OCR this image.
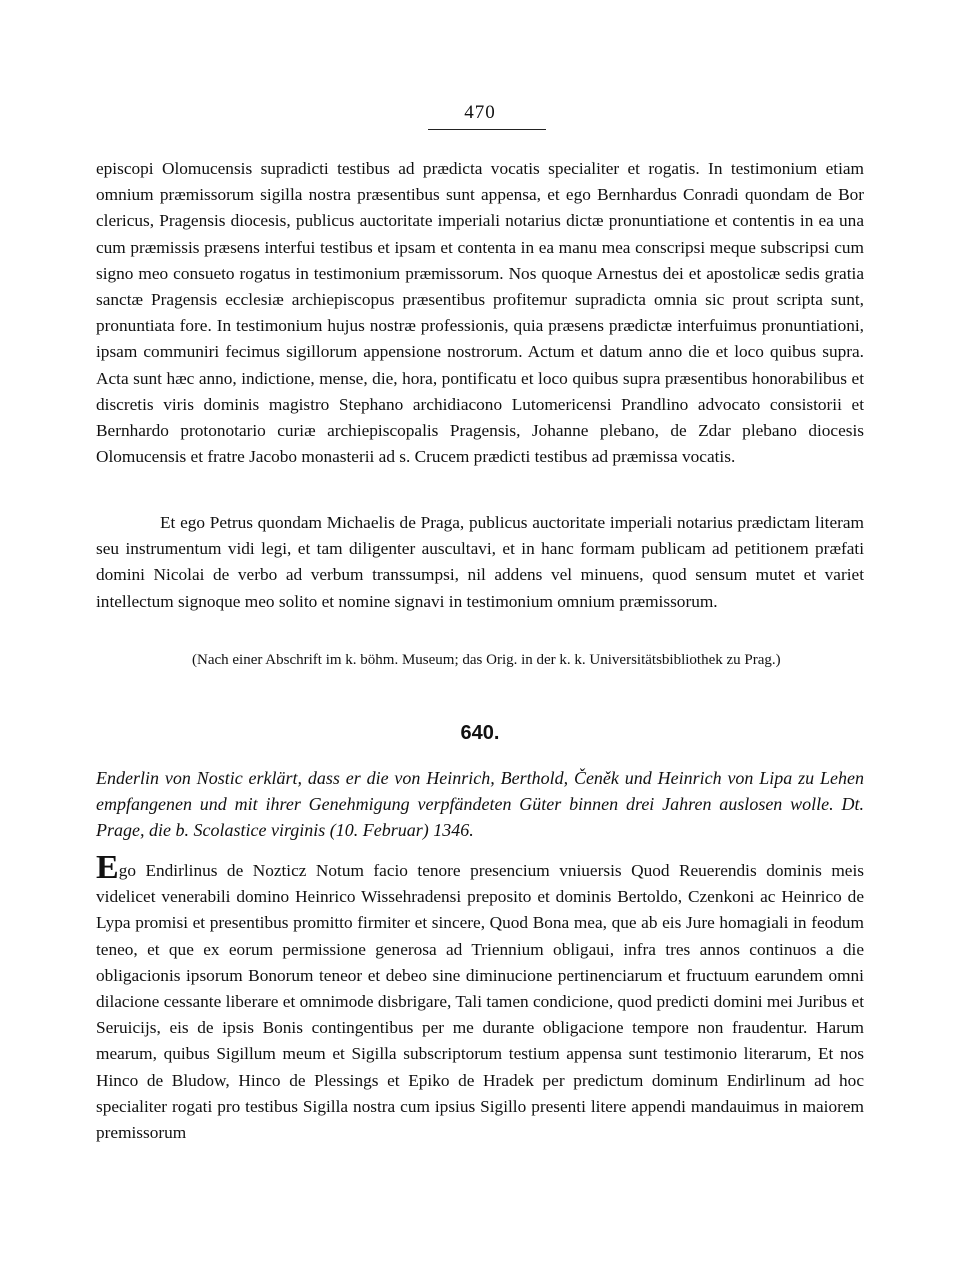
470

episcopi Olomucensis supradicti testibus ad prædicta vocatis specialiter et rogatis. In testimonium etiam omnium præmissorum sigilla nostra præsentibus sunt appensa, et ego Bernhardus Conradi quondam de Bor clericus, Pragensis diocesis, publicus auctoritate imperiali notarius dictæ pronuntiatione et contentis in ea una cum præmissis præsens interfui testibus et ipsam et contenta in ea manu mea conscripsi meque subscripsi cum signo meo consueto rogatus in testimonium præmissorum. Nos quoque Arnestus dei et apostolicæ sedis gratia sanctæ Pragensis ecclesiæ archiepiscopus præsentibus profitemur supradicta omnia sic prout scripta sunt, pronuntiata fore. In testimonium hujus nostræ professionis, quia præsens prædictæ interfuimus pronuntiationi, ipsam communiri fecimus sigillorum appensione nostrorum. Actum et datum anno die et loco quibus supra. Acta sunt hæc anno, indictione, mense, die, hora, pontificatu et loco quibus supra præsentibus honorabilibus et discretis viris dominis magistro Stephano archidiacono Lutomericensi Prandlino advocato consistorii et Bernhardo protonotario curiæ archiepiscopalis Pragensis, Johanne plebano, de Zdar plebano diocesis Olomucensis et fratre Jacobo monasterii ad s. Crucem prædicti testibus ad præmissa vocatis.

Et ego Petrus quondam Michaelis de Praga, publicus auctoritate imperiali notarius prædictam literam seu instrumentum vidi legi, et tam diligenter auscultavi, et in hanc formam publicam ad petitionem præfati domini Nicolai de verbo ad verbum transsumpsi, nil addens vel minuens, quod sensum mutet et variet intellectum signoque meo solito et nomine signavi in testimonium omnium præmissorum.

(Nach einer Abschrift im k. böhm. Museum; das Orig. in der k. k. Universitätsbibliothek zu Prag.)
640.
Enderlin von Nostic erklärt, dass er die von Heinrich, Berthold, Čeněk und Heinrich von Lipa zu Lehen empfangenen und mit ihrer Genehmigung verpfändeten Güter binnen drei Jahren auslosen wolle. Dt. Prage, die b. Scolastice virginis (10. Februar) 1346.

Ego Endirlinus de Nozticz Notum facio tenore presencium vniuersis Quod Reuerendis dominis meis videlicet venerabili domino Heinrico Wissehradensi preposito et dominis Bertoldo, Czenkoni ac Heinrico de Lypa promisi et presentibus promitto firmiter et sincere, Quod Bona mea, que ab eis Jure homagiali in feodum teneo, et que ex eorum permissione generosa ad Triennium obligaui, infra tres annos continuos a die obligacionis ipsorum Bonorum teneor et debeo sine diminucione pertinenciarum et fructuum earundem omni dilacione cessante liberare et omnimode disbrigare, Tali tamen condicione, quod predicti domini mei Juribus et Seruicijs, eis de ipsis Bonis contingentibus per me durante obligacione tempore non fraudentur. Harum mearum, quibus Sigillum meum et Sigilla subscriptorum testium appensa sunt testimonio literarum, Et nos Hinco de Bludow, Hinco de Plessings et Epiko de Hradek per predictum dominum Endirlinum ad hoc specialiter rogati pro testibus Sigilla nostra cum ipsius Sigillo presenti litere appendi mandauimus in maiorem premissorum
